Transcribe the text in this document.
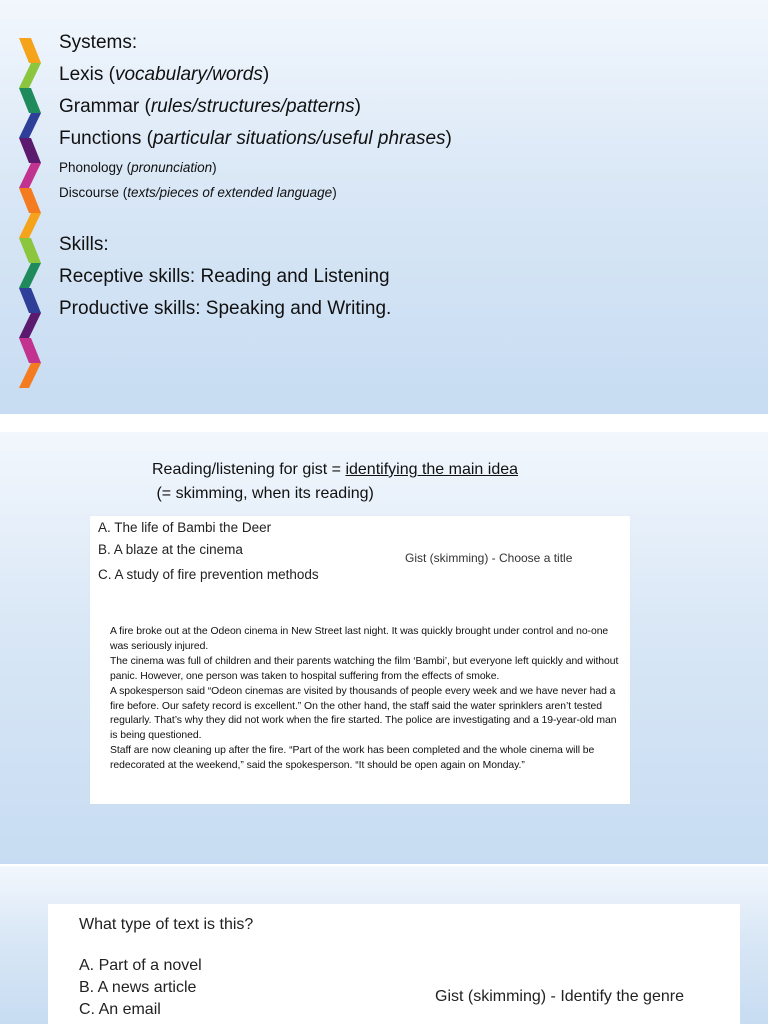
Systems:

Lexis (vocabulary/words)

Grammar (rules/structures/patterns)

Functions (particular situations/useful phrases)

Phonology (pronunciation)

Discourse (texts/pieces of extended language)

Skills:

Receptive skills: Reading and Listening

Productive skills: Speaking and Writing.

Reading/listening for gist = identifying the main idea
(= skimming, when its reading)
A. The life of Bambi the Deer
B. A blaze at the cinema
C. A study of fire prevention methods
Gist (skimming) - Choose a title

A fire broke out at the Odeon cinema in New Street last night. It was quickly brought under control and no-one was seriously injured.

The cinema was full of children and their parents watching the film ‘Bambi’, but everyone left quickly and without panic. However, one person was taken to hospital suffering from the effects of smoke.

A spokesperson said “Odeon cinemas are visited by thousands of people every week and we have never had a fire before. Our safety record is excellent.” On the other hand, the staff said the water sprinklers aren’t tested regularly. That’s why they did not work when the fire started. The police are investigating and a 19-year-old man is being questioned.

Staff are now cleaning up after the fire. “Part of the work has been completed and the whole cinema will be redecorated at the weekend,” said the spokesperson. “It should be open again on Monday.”

What type of text is this?
A. Part of a novel
B. A news article
C. An email
Gist (skimming) - Identify the genre
